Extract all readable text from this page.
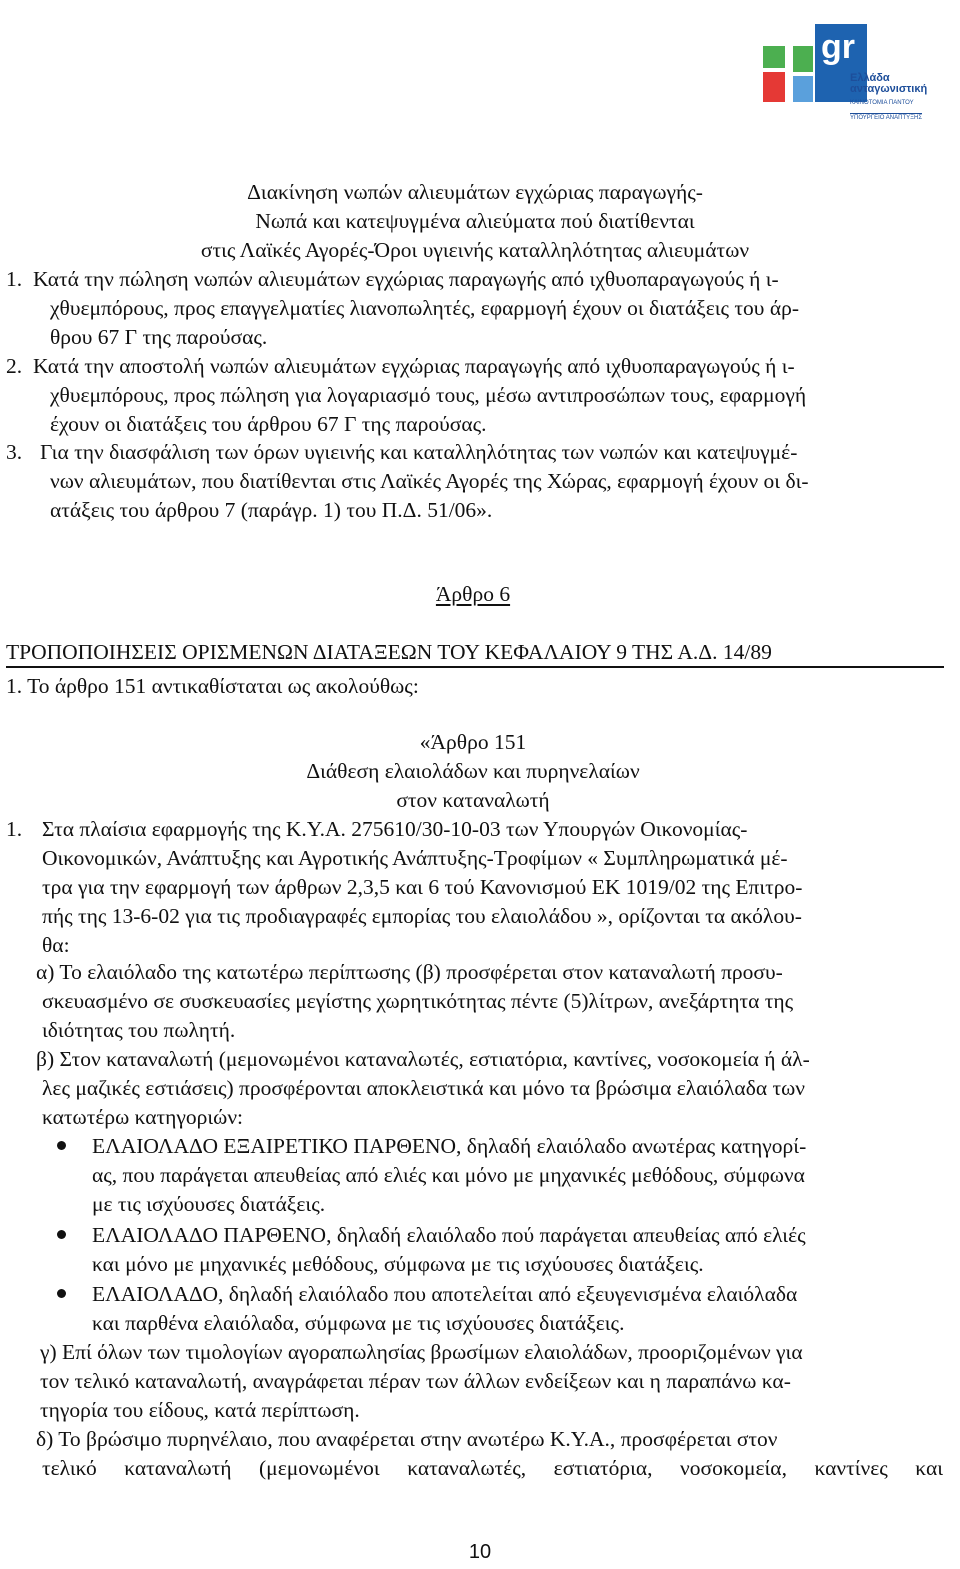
gr
Ελλάδα
ανταγωνιστική
ΚΑΙΝΟΤΟΜΙΑ ΠΑΝΤΟΥ
ΥΠΟΥΡΓΕΙΟ ΑΝΑΠΤΥΞΗΣ
Διακίνηση νωπών αλιευμάτων εγχώριας παραγωγής-
Νωπά και κατεψυγμένα αλιεύματα πού διατίθενται
στις Λαϊκές Αγορές-Όροι υγιεινής καταλληλότητας αλιευμάτων
1. Κατά την πώληση νωπών αλιευμάτων εγχώριας παραγωγής από ιχθυοπαραγωγούς ή ι-
χθυεμπόρους, προς επαγγελματίες λιανοπωλητές, εφαρμογή έχουν οι διατάξεις του άρ-
θρου 67 Γ της παρούσας.
2. Κατά την αποστολή νωπών αλιευμάτων εγχώριας παραγωγής από ιχθυοπαραγωγούς ή ι-
χθυεμπόρους, προς πώληση για λογαριασμό τους, μέσω αντιπροσώπων τους, εφαρμογή
έχουν οι διατάξεις του άρθρου 67 Γ της παρούσας.
3. Για την διασφάλιση των όρων υγιεινής και καταλληλότητας των νωπών και κατεψυγμέ-
νων αλιευμάτων, που διατίθενται στις Λαϊκές Αγορές της Χώρας, εφαρμογή έχουν οι δι-
ατάξεις του άρθρου 7 (παράγρ. 1) του Π.Δ. 51/06».
Άρθρο 6
ΤΡΟΠΟΠΟΙΗΣΕΙΣ ΟΡΙΣΜΕΝΩΝ ΔΙΑΤΑΞΕΩΝ ΤΟΥ ΚΕΦΑΛΑΙΟΥ 9 ΤΗΣ Α.Δ. 14/89
1. Το άρθρο 151 αντικαθίσταται ως ακολούθως:
«Άρθρο 151
Διάθεση ελαιολάδων και πυρηνελαίων
στον καταναλωτή
1. Στα πλαίσια εφαρμογής της Κ.Υ.Α. 275610/30-10-03 των Υπουργών Οικονομίας-
Οικονομικών, Ανάπτυξης και Αγροτικής Ανάπτυξης-Τροφίμων « Συμπληρωματικά μέ-
τρα για την εφαρμογή των άρθρων 2,3,5 και 6 τού Κανονισμού ΕΚ 1019/02 της Επιτρο-
πής της 13-6-02 για τις προδιαγραφές εμπορίας του ελαιολάδου », ορίζονται τα ακόλου-
θα:
α) Το ελαιόλαδο της κατωτέρω περίπτωσης (β) προσφέρεται στον καταναλωτή προσυ-
σκευασμένο σε συσκευασίες μεγίστης χωρητικότητας πέντε (5)λίτρων, ανεξάρτητα της
ιδιότητας του πωλητή.
β) Στον καταναλωτή (μεμονωμένοι καταναλωτές, εστιατόρια, καντίνες, νοσοκομεία ή άλ-
λες μαζικές εστιάσεις) προσφέρονται αποκλειστικά και μόνο τα βρώσιμα ελαιόλαδα των
κατωτέρω κατηγοριών:
ΕΛΑΙΟΛΑΔΟ ΕΞΑΙΡΕΤΙΚΟ ΠΑΡΘΕΝΟ, δηλαδή ελαιόλαδο ανωτέρας κατηγορί-
ας, που παράγεται απευθείας από ελιές και μόνο με μηχανικές μεθόδους, σύμφωνα
με τις ισχύουσες διατάξεις.
ΕΛΑΙΟΛΑΔΟ ΠΑΡΘΕΝΟ, δηλαδή ελαιόλαδο πού παράγεται απευθείας από ελιές
και μόνο με μηχανικές μεθόδους, σύμφωνα με τις ισχύουσες διατάξεις.
ΕΛΑΙΟΛΑΔΟ, δηλαδή ελαιόλαδο που αποτελείται από εξευγενισμένα ελαιόλαδα
και παρθένα ελαιόλαδα, σύμφωνα με τις ισχύουσες διατάξεις.
γ) Επί όλων των τιμολογίων αγοραπωλησίας βρωσίμων ελαιολάδων, προοριζομένων για
τον τελικό καταναλωτή, αναγράφεται πέραν των άλλων ενδείξεων και η παραπάνω κα-
τηγορία του είδους, κατά περίπτωση.
δ) Το βρώσιμο πυρηνέλαιο, που αναφέρεται στην ανωτέρω Κ.Υ.Α., προσφέρεται στον
τελικό καταναλωτή (μεμονωμένοι καταναλωτές, εστιατόρια, νοσοκομεία, καντίνες και
10
